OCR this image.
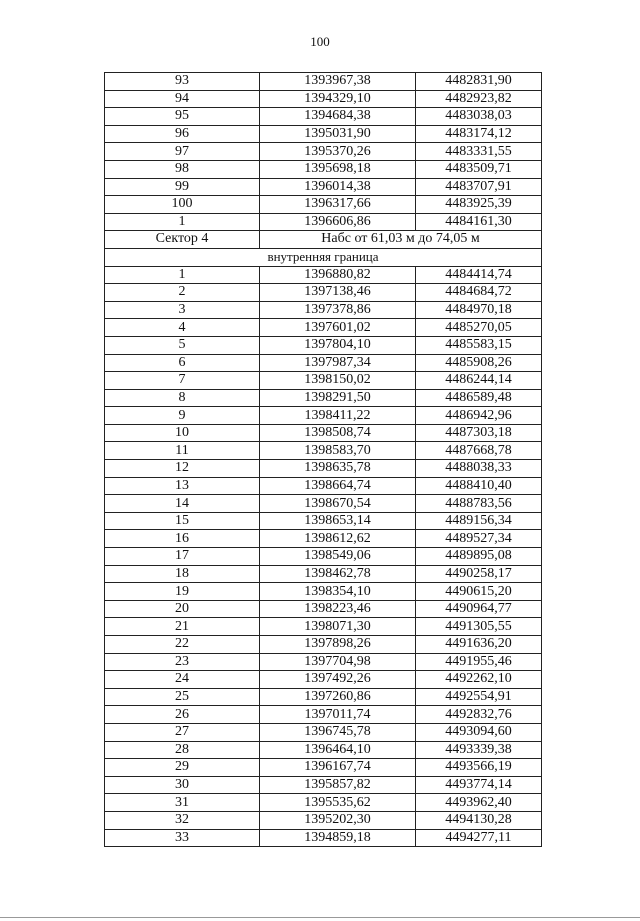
100
93	1393967,38	4482831,90
94	1394329,10	4482923,82
95	1394684,38	4483038,03
96	1395031,90	4483174,12
97	1395370,26	4483331,55
98	1395698,18	4483509,71
99	1396014,38	4483707,91
100	1396317,66	4483925,39
1	1396606,86	4484161,30
Сектор 4	Набс от 61,03 м до 74,05 м	
внутренняя граница		
1	1396880,82	4484414,74
2	1397138,46	4484684,72
3	1397378,86	4484970,18
4	1397601,02	4485270,05
5	1397804,10	4485583,15
6	1397987,34	4485908,26
7	1398150,02	4486244,14
8	1398291,50	4486589,48
9	1398411,22	4486942,96
10	1398508,74	4487303,18
11	1398583,70	4487668,78
12	1398635,78	4488038,33
13	1398664,74	4488410,40
14	1398670,54	4488783,56
15	1398653,14	4489156,34
16	1398612,62	4489527,34
17	1398549,06	4489895,08
18	1398462,78	4490258,17
19	1398354,10	4490615,20
20	1398223,46	4490964,77
21	1398071,30	4491305,55
22	1397898,26	4491636,20
23	1397704,98	4491955,46
24	1397492,26	4492262,10
25	1397260,86	4492554,91
26	1397011,74	4492832,76
27	1396745,78	4493094,60
28	1396464,10	4493339,38
29	1396167,74	4493566,19
30	1395857,82	4493774,14
31	1395535,62	4493962,40
32	1395202,30	4494130,28
33	1394859,18	4494277,11
